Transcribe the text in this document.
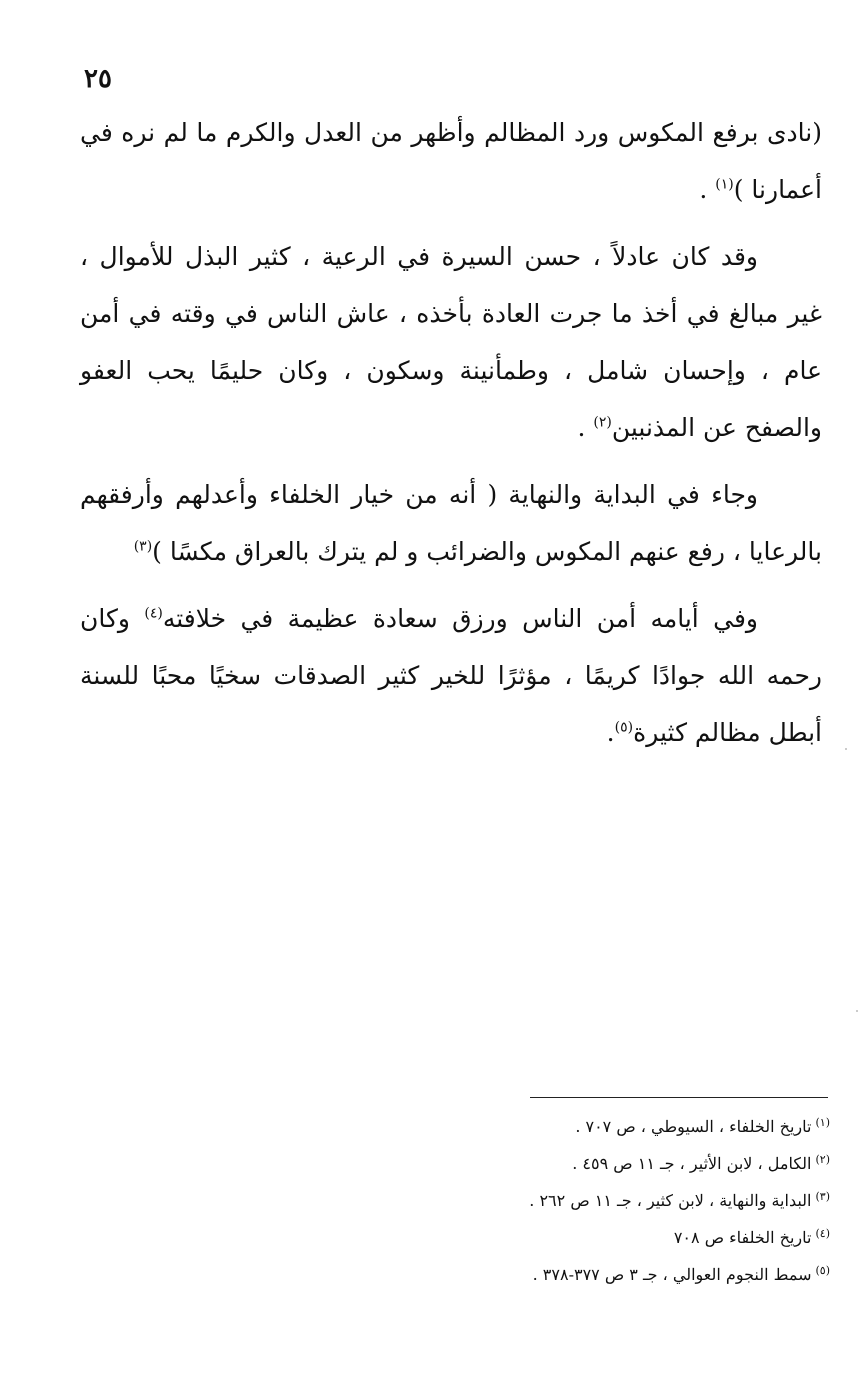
٢٥

(نادى برفع المكوس ورد المظالم وأظهر من العدل والكرم ما لم نره في أعمارنا )$^{(١)}$ .

وقد كان عادلاً ، حسن السيرة في الرعية ، كثير البذل للأموال ، غير مبالغ في أخذ ما جرت العادة بأخذه ، عاش الناس في وقته في أمن عام ، وإحسان شامل ، وطمأنينة وسكون ، وكان حليمًا يحب العفو والصفح عن المذنبين$^{(٢)}$ .

وجاء في البداية والنهاية ( أنه من خيار الخلفاء وأعدلهم وأرفقهم بالرعايا ، رفع عنهم المكوس والضرائب و لم يترك بالعراق مكسًا )$^{(٣)}$

وفي أيامه أمن الناس ورزق سعادة عظيمة في خلافته$^{(٤)}$ وكان رحمه الله جوادًا كريمًا ، مؤثرًا للخير كثير الصدقات سخيًا محبًا للسنة أبطل مظالم كثيرة$^{(٥)}$.

$^{(١)}$تاريخ الخلفاء ، السيوطي ، ص ٧٠٧ .
$^{(٢)}$الكامل ، لابن الأثير ، جـ ١١ ص ٤٥٩ .
$^{(٣)}$البداية والنهاية ، لابن كثير ، جـ ١١ ص ٢٦٢ .
$^{(٤)}$تاريخ الخلفاء ص ٧٠٨
$^{(٥)}$سمط النجوم العوالي ، جـ ٣ ص ٣٧٧-٣٧٨ .
